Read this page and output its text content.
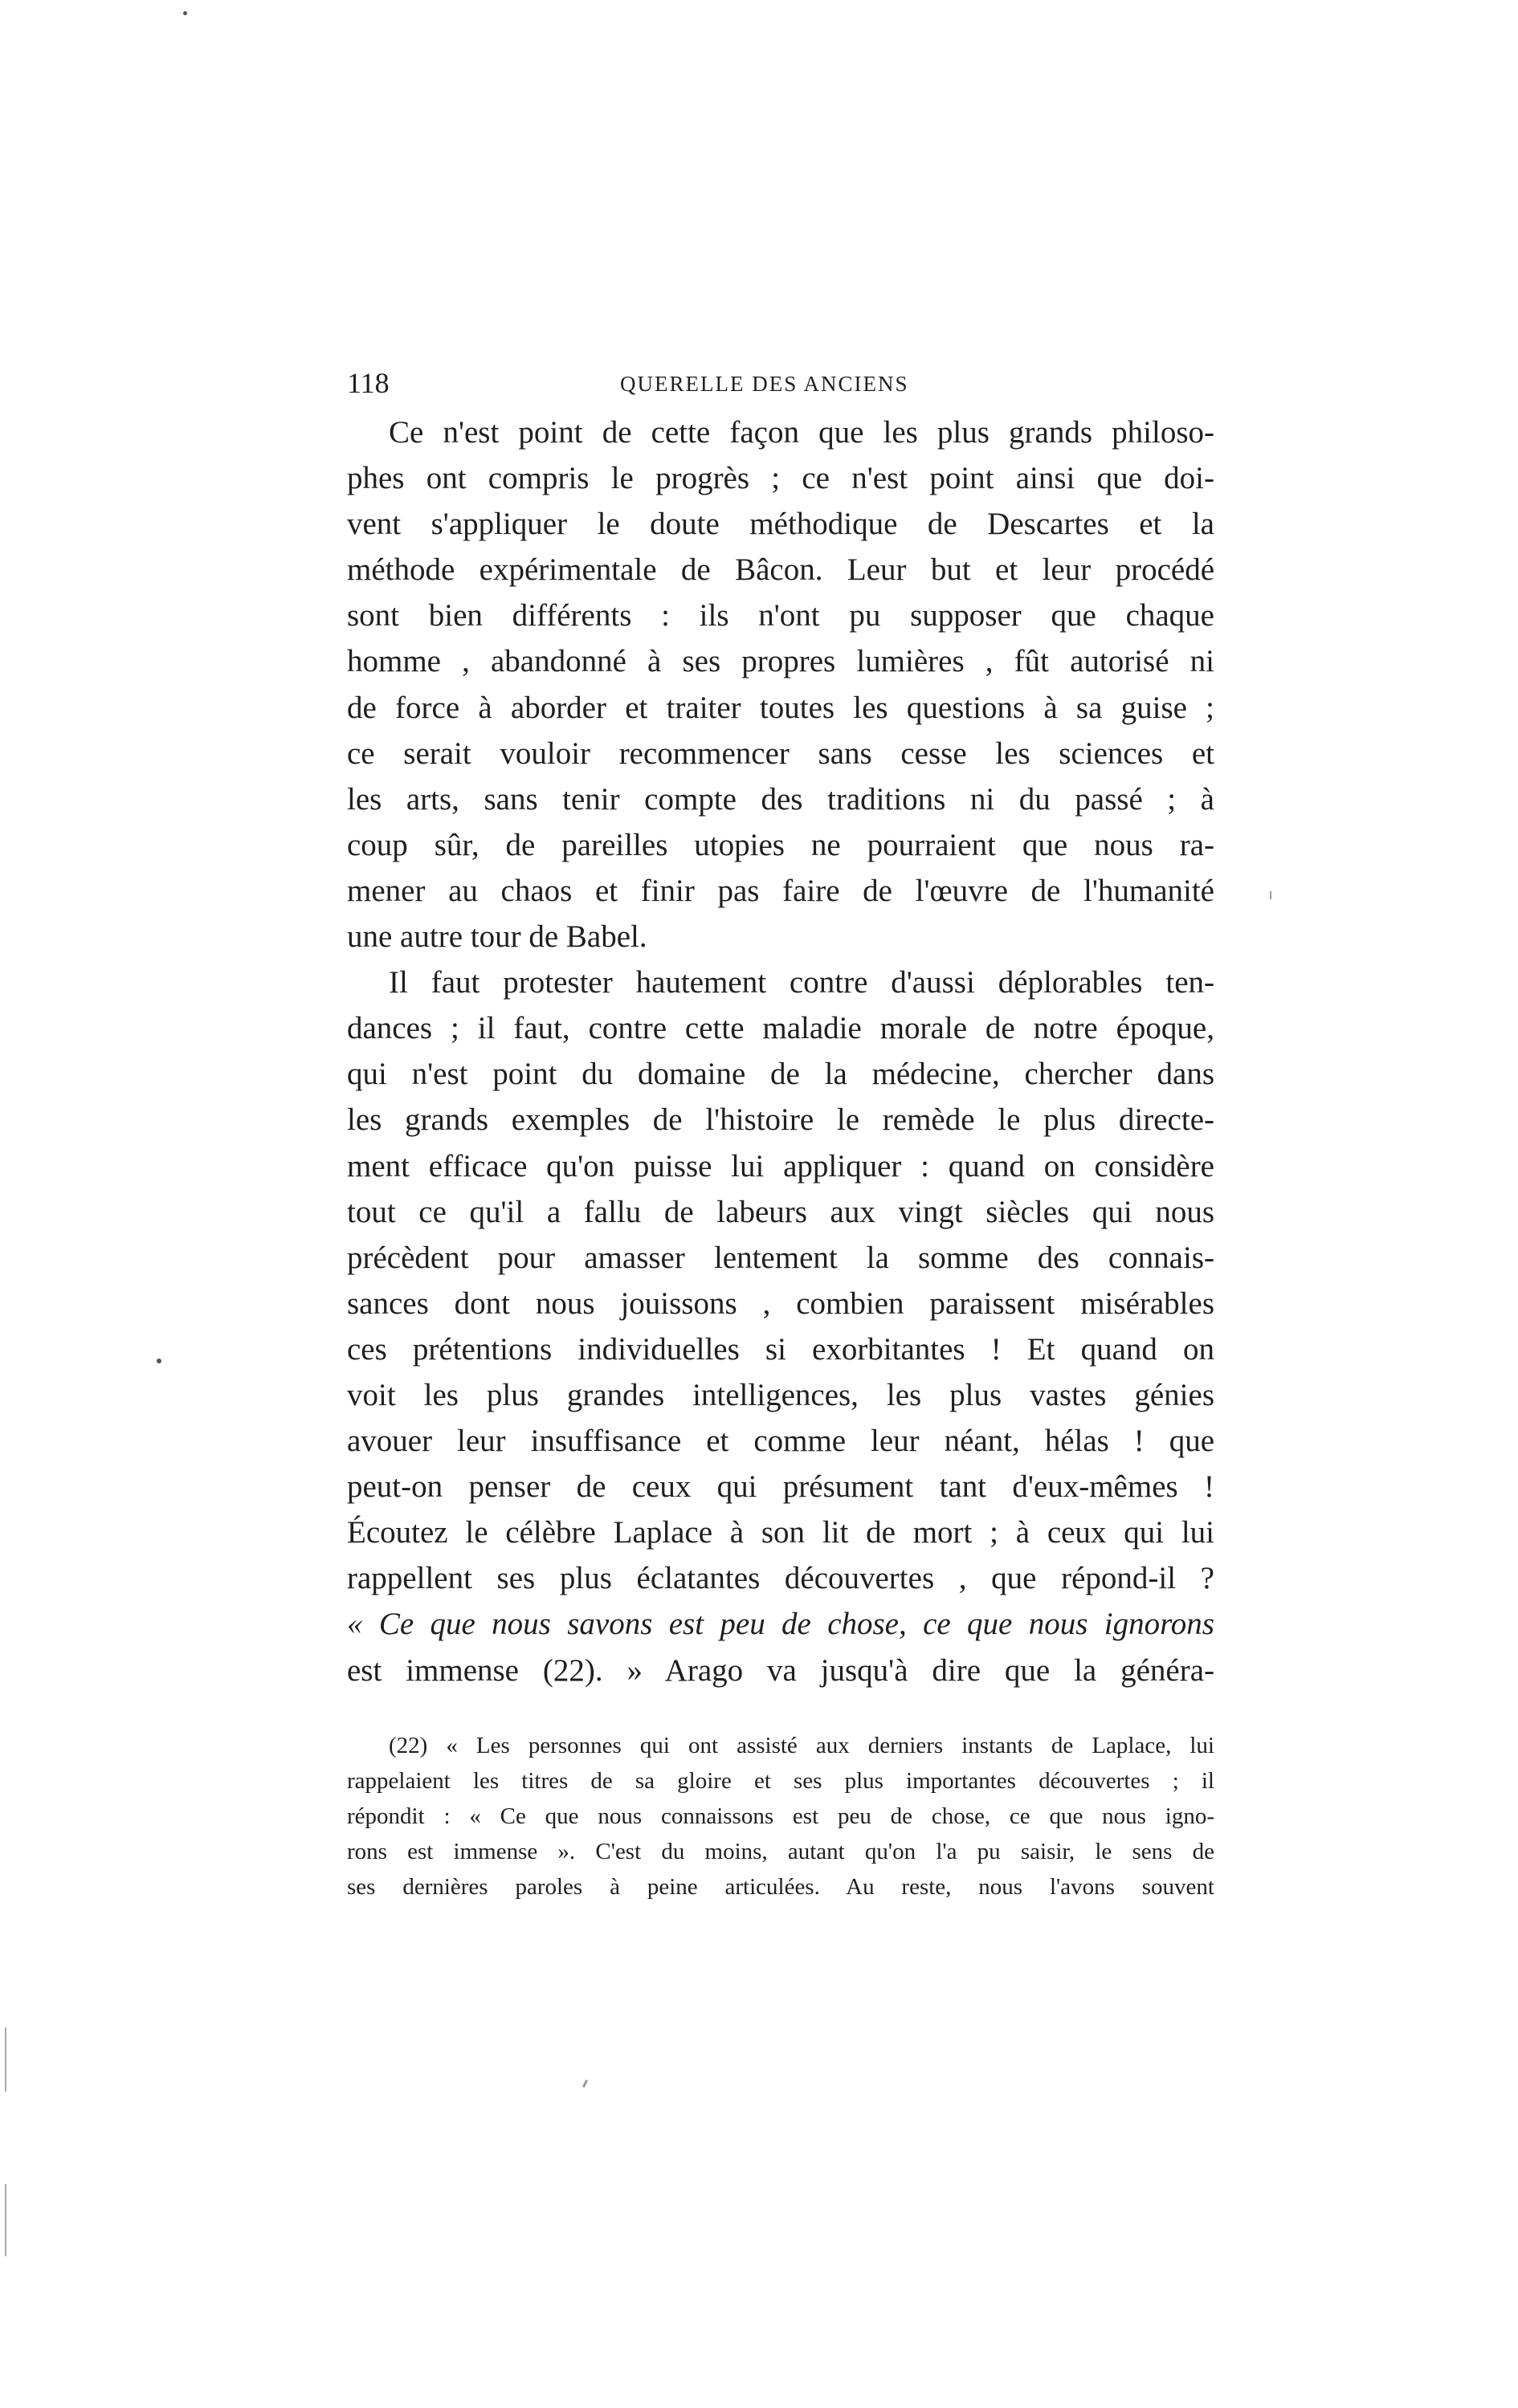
118	QUERELLE DES ANCIENS
Ce n'est point de cette façon que les plus grands philoso-
phes ont compris le progrès ; ce n'est point ainsi que doi-
vent s'appliquer le doute méthodique de Descartes et la
méthode expérimentale de Bâcon. Leur but et leur procédé
sont bien différents : ils n'ont pu supposer que chaque
homme , abandonné à ses propres lumières , fût autorisé ni
de force à aborder et traiter toutes les questions à sa guise ;
ce serait vouloir recommencer sans cesse les sciences et
les arts, sans tenir compte des traditions ni du passé ; à
coup sûr, de pareilles utopies ne pourraient que nous ra-
mener au chaos et finir pas faire de l'œuvre de l'humanité
une autre tour de Babel.
Il faut protester hautement contre d'aussi déplorables ten-
dances ; il faut, contre cette maladie morale de notre époque,
qui n'est point du domaine de la médecine, chercher dans
les grands exemples de l'histoire le remède le plus directe-
ment efficace qu'on puisse lui appliquer : quand on considère
tout ce qu'il a fallu de labeurs aux vingt siècles qui nous
précèdent pour amasser lentement la somme des connais-
sances dont nous jouissons , combien paraissent misérables
ces prétentions individuelles si exorbitantes ! Et quand on
voit les plus grandes intelligences, les plus vastes génies
avouer leur insuffisance et comme leur néant, hélas ! que
peut-on penser de ceux qui présument tant d'eux-mêmes !
Écoutez le célèbre Laplace à son lit de mort ; à ceux qui lui
rappellent ses plus éclatantes découvertes , que répond-il ?
« Ce que nous savons est peu de chose, ce que nous ignorons
est immense (22). » Arago va jusqu'à dire que la généra-
(22) « Les personnes qui ont assisté aux derniers instants de Laplace, lui
rappelaient les titres de sa gloire et ses plus importantes découvertes ; il
répondit : « Ce que nous connaissons est peu de chose, ce que nous igno-
rons est immense ». C'est du moins, autant qu'on l'a pu saisir, le sens de
ses dernières paroles à peine articulées. Au reste, nous l'avons souvent
